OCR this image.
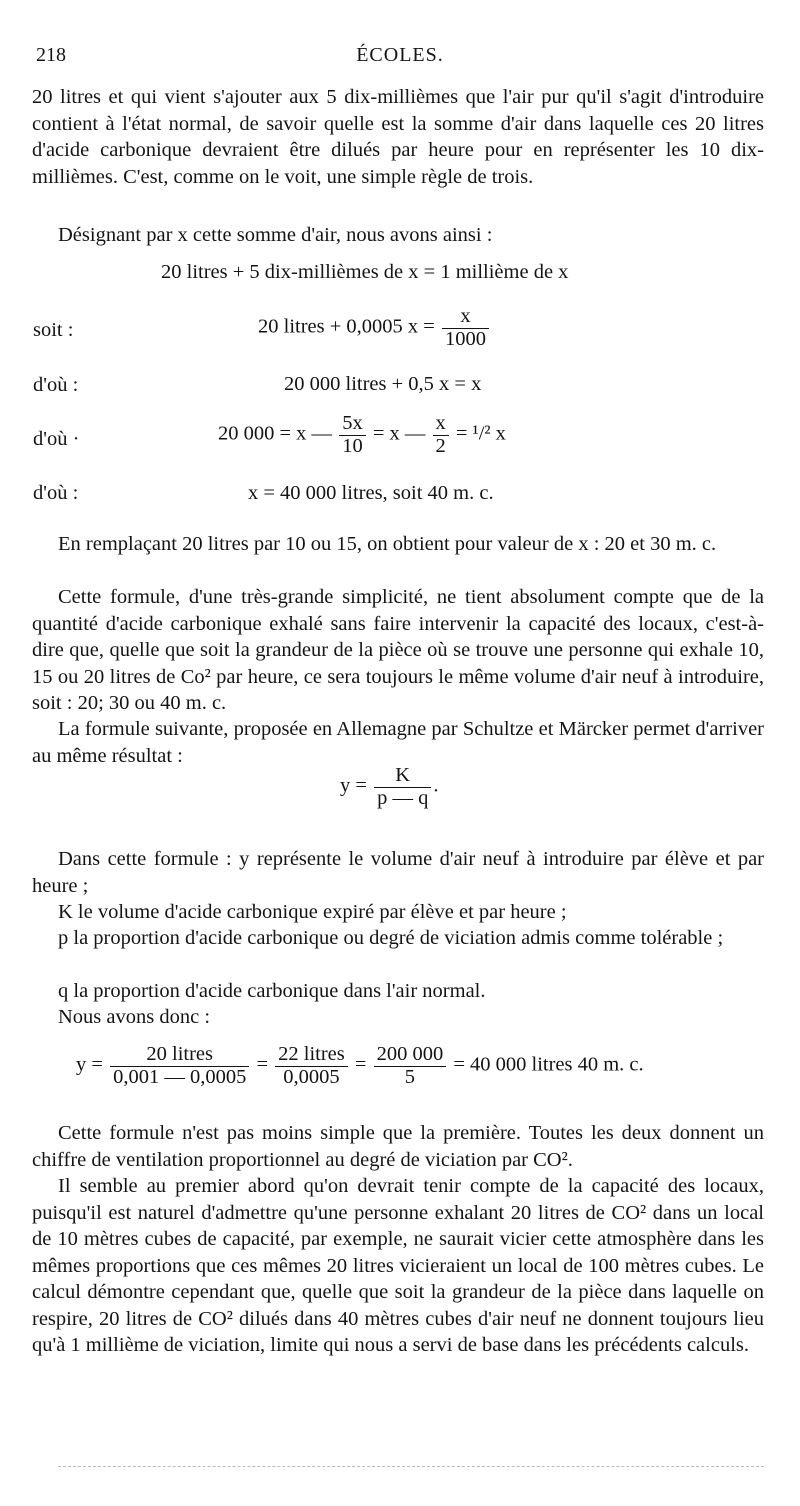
218	ÉCOLES.

20 litres et qui vient s'ajouter aux 5 dix-millièmes que l'air pur qu'il s'agit d'introduire contient à l'état normal, de savoir quelle est la somme d'air dans laquelle ces 20 litres d'acide carbonique devraient être dilués par heure pour en représenter les 10 dix-millièmes. C'est, comme on le voit, une simple règle de trois.

Désignant par x cette somme d'air, nous avons ainsi :

20 litres + 5 dix-millièmes de x = 1 millième de x
soit :	20 litres + 0,0005 $x = \frac{x}{1000}$
d'où :	20 000 litres + 0,5 x = x
d'où ·	20 000 = x — $\frac{5x}{10} = x$ — $\frac{x}{2} = ^1/^2$ x
d'où :	x = 40 000 litres, soit 40 m. c.

En remplaçant 20 litres par 10 ou 15, on obtient pour valeur de x : 20 et 30 m. c.

Cette formule, d'une très-grande simplicité, ne tient absolument compte que de la quantité d'acide carbonique exhalé sans faire intervenir la capacité des locaux, c'est-à-dire que, quelle que soit la grandeur de la pièce où se trouve une personne qui exhale 10, 15 ou 20 litres de Co² par heure, ce sera toujours le même volume d'air neuf à introduire, soit : 20; 30 ou 40 m. c.

La formule suivante, proposée en Allemagne par Schultze et Märcker permet d'arriver au même résultat :

$y = \frac{K}{p — q}$ .

Dans cette formule : y représente le volume d'air neuf à introduire par élève et par heure ;

K le volume d'acide carbonique expiré par élève et par heure ;

p la proportion d'acide carbonique ou degré de viciation admis comme tolérable ;

q la proportion d'acide carbonique dans l'air normal.

Nous avons donc :

$y = \frac{\text{20 litres}}{0,001 — 0,0005} = \frac{\text{22 litres}}{0,0005} = \frac{200 000}{5} = 40$ 000 litres 40 m. c.

Cette formule n'est pas moins simple que la première. Toutes les deux donnent un chiffre de ventilation proportionnel au degré de viciation par CO².

Il semble au premier abord qu'on devrait tenir compte de la capacité des locaux, puisqu'il est naturel d'admettre qu'une personne exhalant 20 litres de CO² dans un local de 10 mètres cubes de capacité, par exemple, ne saurait vicier cette atmosphère dans les mêmes proportions que ces mêmes 20 litres vicieraient un local de 100 mètres cubes. Le calcul démontre cependant que, quelle que soit la grandeur de la pièce dans laquelle on respire, 20 litres de CO² dilués dans 40 mètres cubes d'air neuf ne donnent toujours lieu qu'à 1 millième de viciation, limite qui nous a servi de base dans les précédents calculs.
